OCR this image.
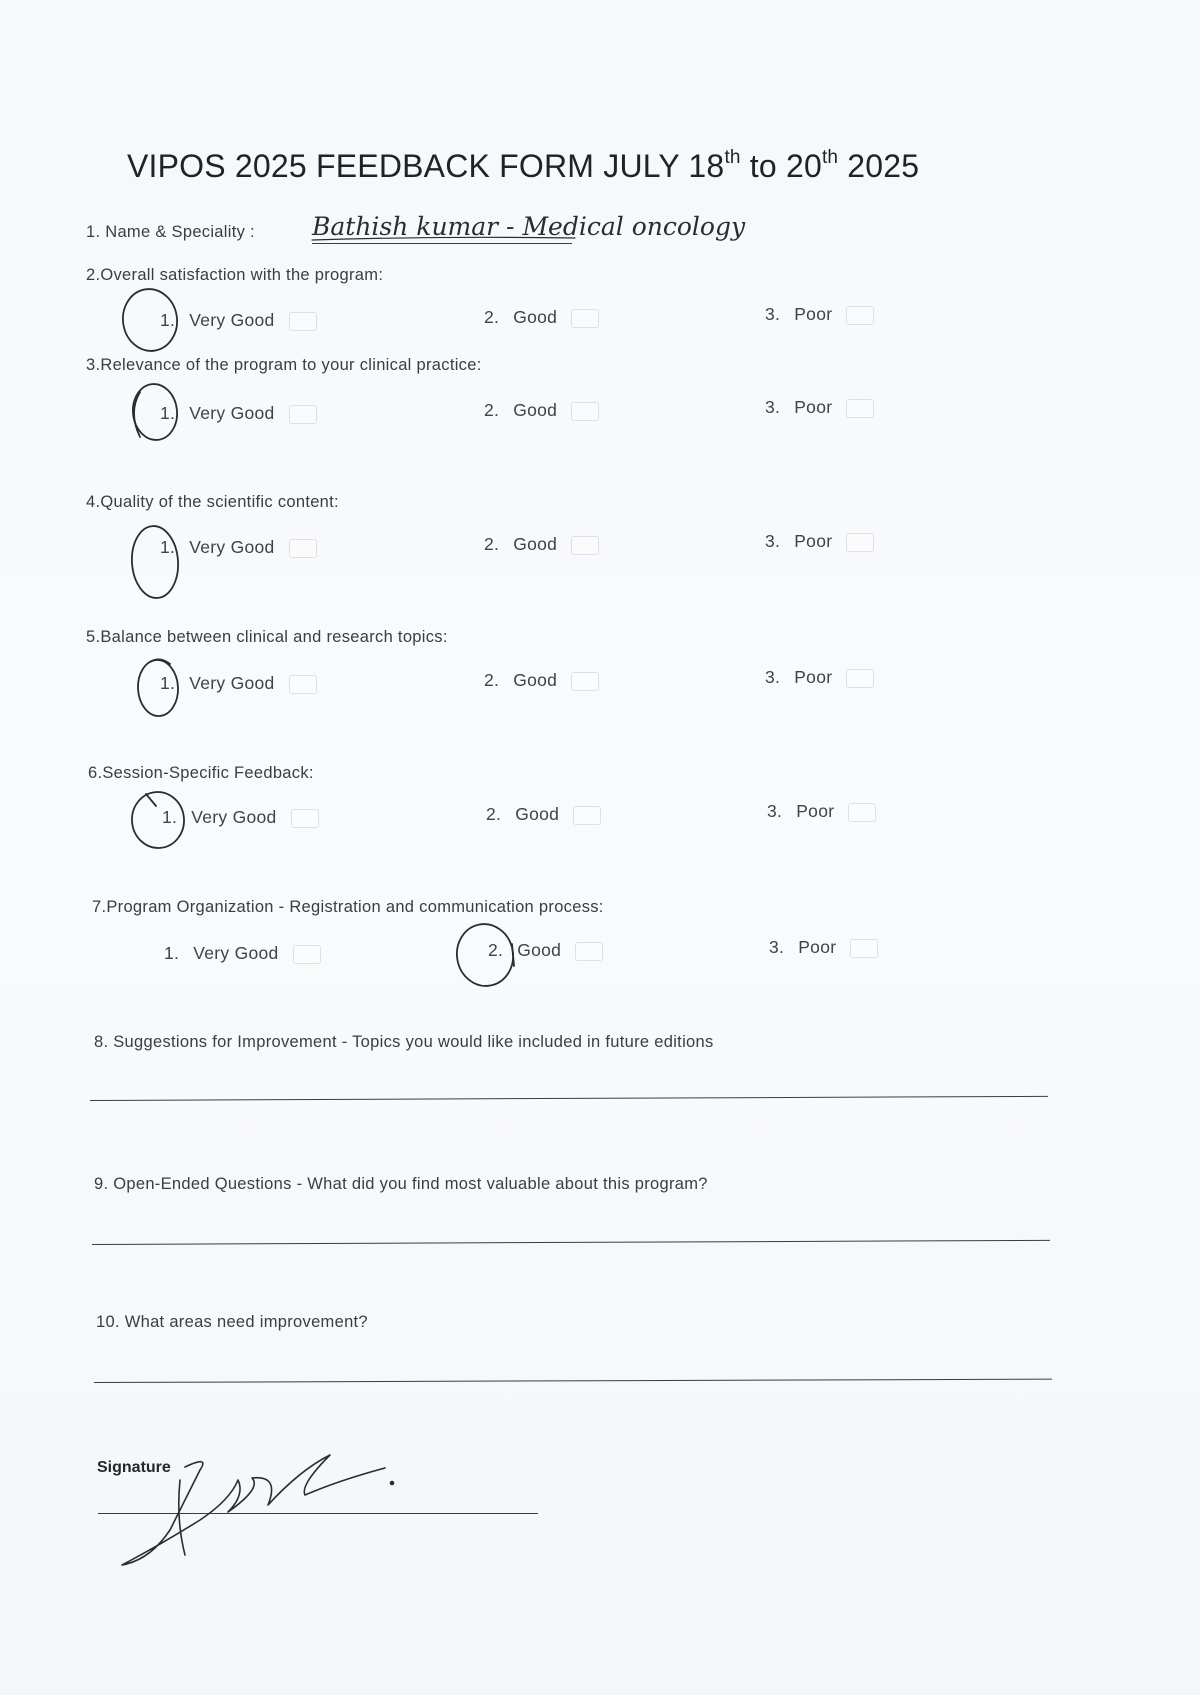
VIPOS 2025 FEEDBACK FORM JULY 18th to 20th 2025
1. Name & Speciality : Bathish kumar - Medical oncology
2.Overall satisfaction with the program:
1. Very Good	2. Good	3. Poor
3.Relevance of the program to your clinical practice:
1. Very Good	2. Good	3. Poor
4.Quality of the scientific content:
1. Very Good	2. Good	3. Poor
5.Balance between clinical and research topics:
1. Very Good	2. Good	3. Poor
6.Session-Specific Feedback:
1. Very Good	2. Good	3. Poor
7.Program Organization - Registration and communication process:
1. Very Good	2. Good	3. Poor
8. Suggestions for Improvement - Topics you would like included in future editions
9. Open-Ended Questions - What did you find most valuable about this program?
10. What areas need improvement?
Signature
